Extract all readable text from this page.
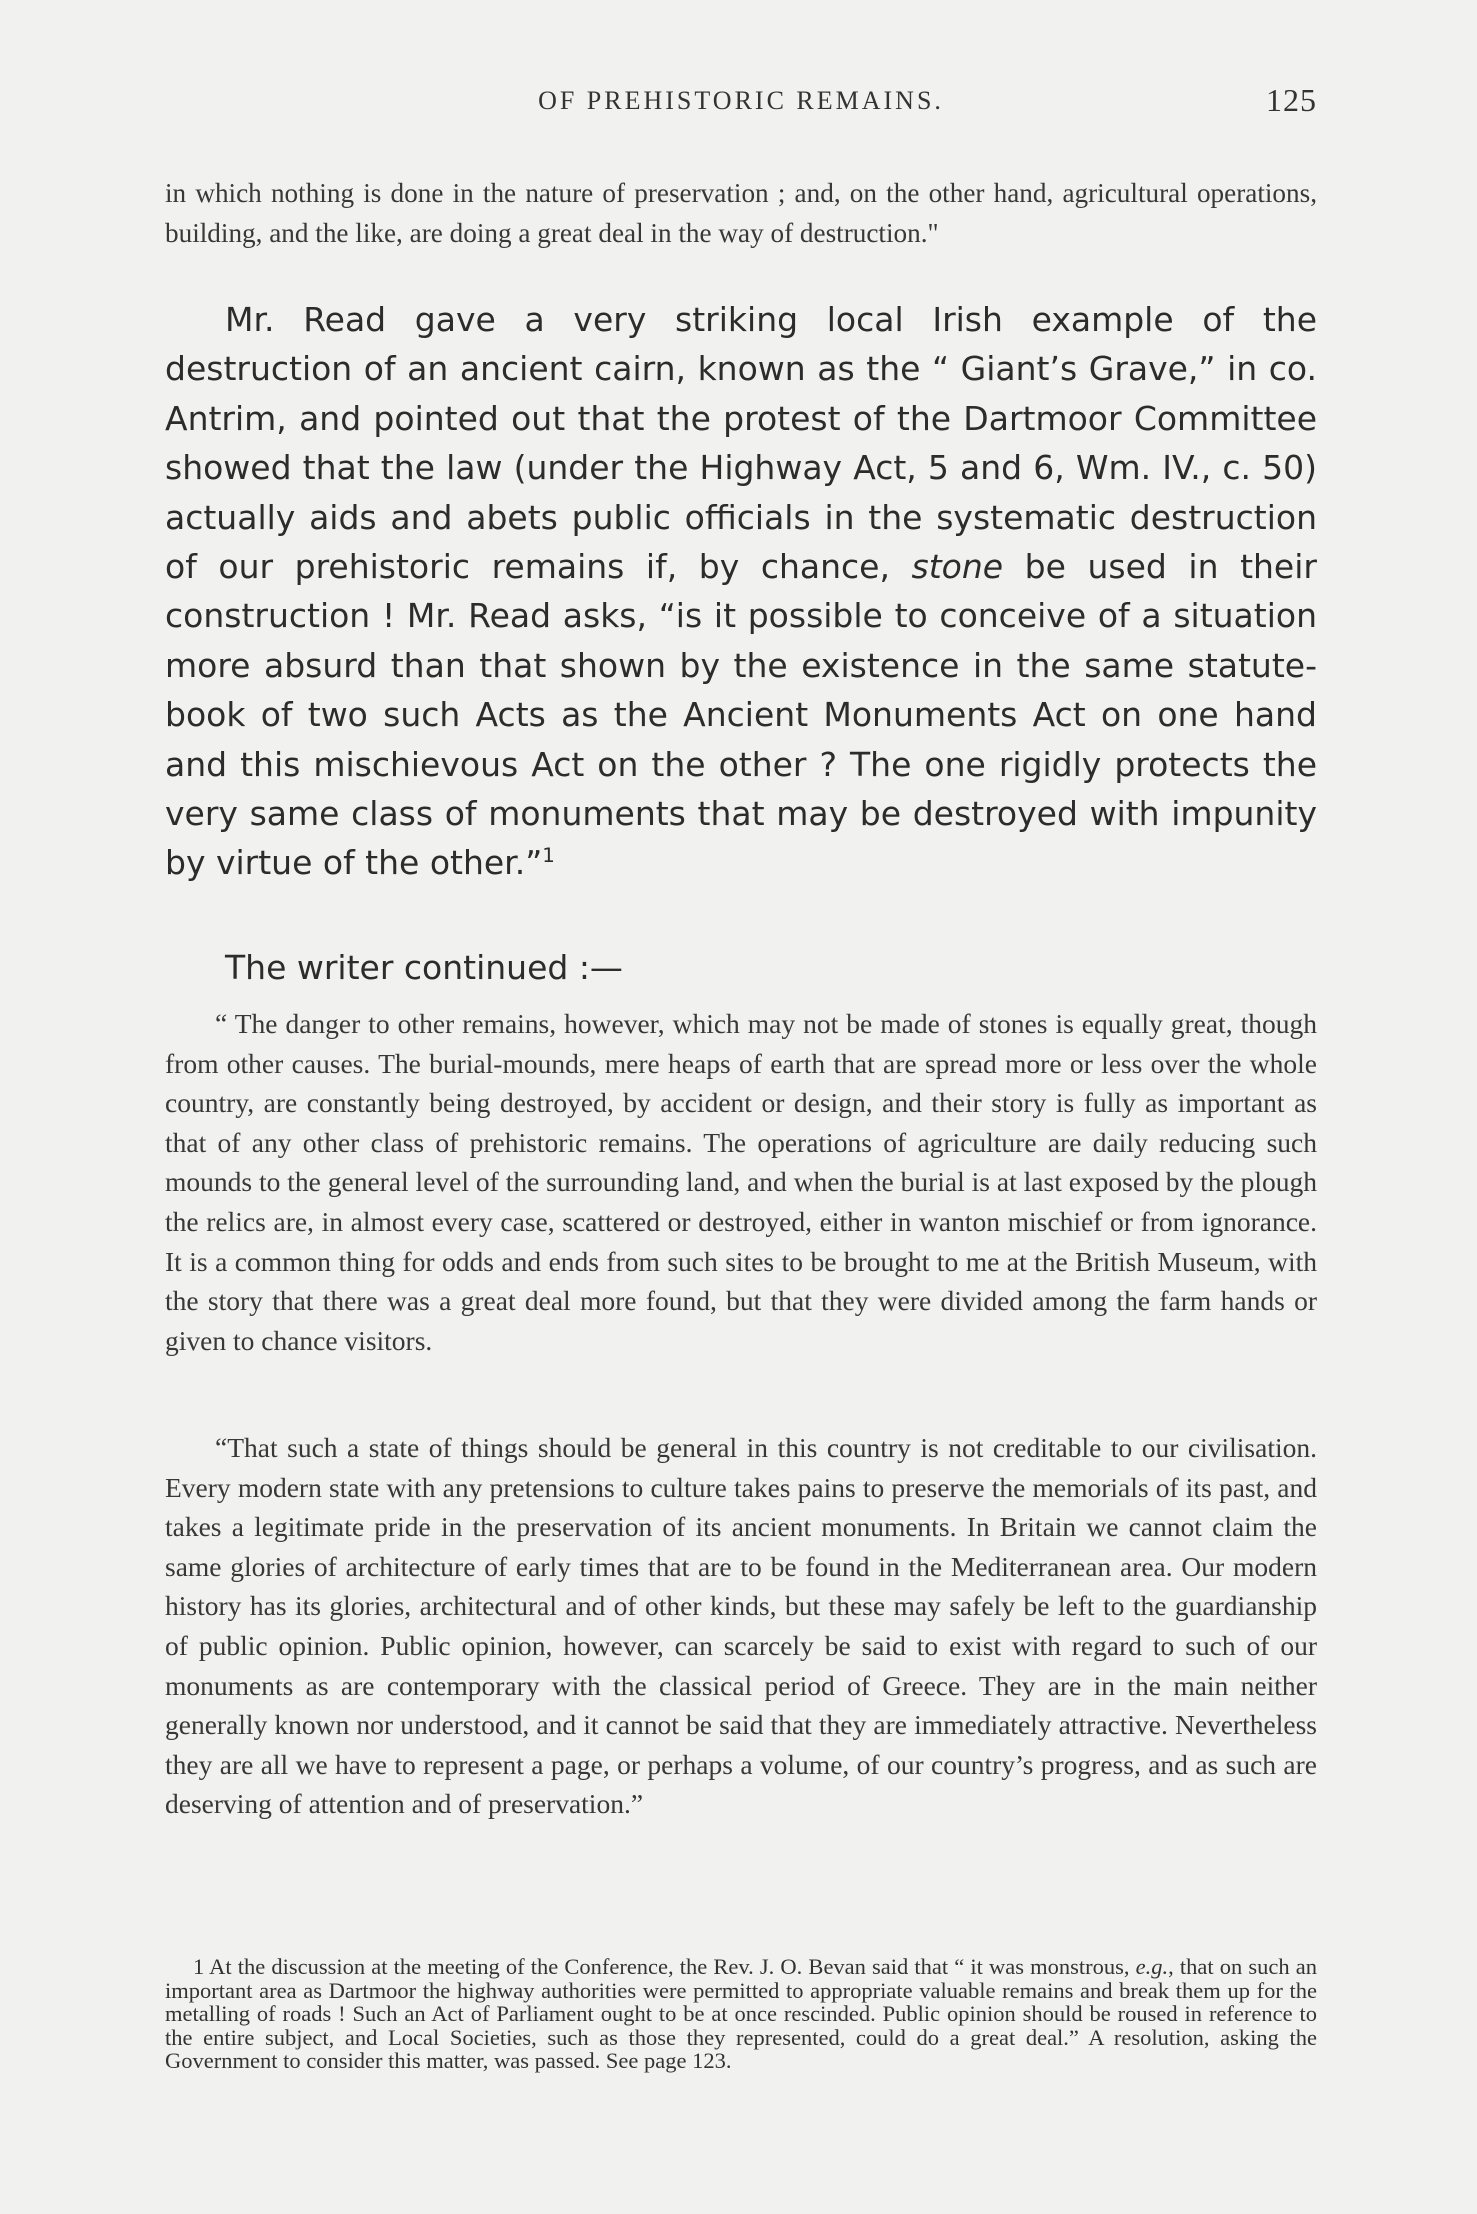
OF PREHISTORIC REMAINS.	125

in which nothing is done in the nature of preservation ; and, on the other hand, agricultural operations, building, and the like, are doing a great deal in the way of destruction."

Mr. Read gave a very striking local Irish example of the destruction of an ancient cairn, known as the “ Giant’s Grave,” in co. Antrim, and pointed out that the protest of the Dartmoor Committee showed that the law (under the Highway Act, 5 and 6, Wm. IV., c. 50) actually aids and abets public officials in the systematic destruction of our prehistoric remains if, by chance, stone be used in their construction ! Mr. Read asks, “is it possible to conceive of a situation more absurd than that shown by the existence in the same statute-book of two such Acts as the Ancient Monuments Act on one hand and this mischievous Act on the other ? The one rigidly protects the very same class of monuments that may be destroyed with impunity by virtue of the other.”$^1$

The writer continued :—

“ The danger to other remains, however, which may not be made of stones is equally great, though from other causes. The burial-mounds, mere heaps of earth that are spread more or less over the whole country, are constantly being destroyed, by accident or design, and their story is fully as important as that of any other class of prehistoric remains. The operations of agriculture are daily reducing such mounds to the general level of the surrounding land, and when the burial is at last exposed by the plough the relics are, in almost every case, scattered or destroyed, either in wanton mischief or from ignorance. It is a common thing for odds and ends from such sites to be brought to me at the British Museum, with the story that there was a great deal more found, but that they were divided among the farm hands or given to chance visitors.

“That such a state of things should be general in this country is not creditable to our civilisation. Every modern state with any pretensions to culture takes pains to preserve the memorials of its past, and takes a legitimate pride in the preservation of its ancient monuments. In Britain we cannot claim the same glories of architecture of early times that are to be found in the Mediterranean area. Our modern history has its glories, architectural and of other kinds, but these may safely be left to the guardianship of public opinion. Public opinion, however, can scarcely be said to exist with regard to such of our monuments as are contemporary with the classical period of Greece. They are in the main neither generally known nor understood, and it cannot be said that they are immediately attractive. Nevertheless they are all we have to represent a page, or perhaps a volume, of our country’s progress, and as such are deserving of attention and of preservation.”

1 At the discussion at the meeting of the Conference, the Rev. J. O. Bevan said that “ it was monstrous, e.g., that on such an important area as Dartmoor the highway authorities were permitted to appropriate valuable remains and break them up for the metalling of roads ! Such an Act of Parliament ought to be at once rescinded. Public opinion should be roused in reference to the entire subject, and Local Societies, such as those they represented, could do a great deal.” A resolution, asking the Government to consider this matter, was passed. See page 123.
